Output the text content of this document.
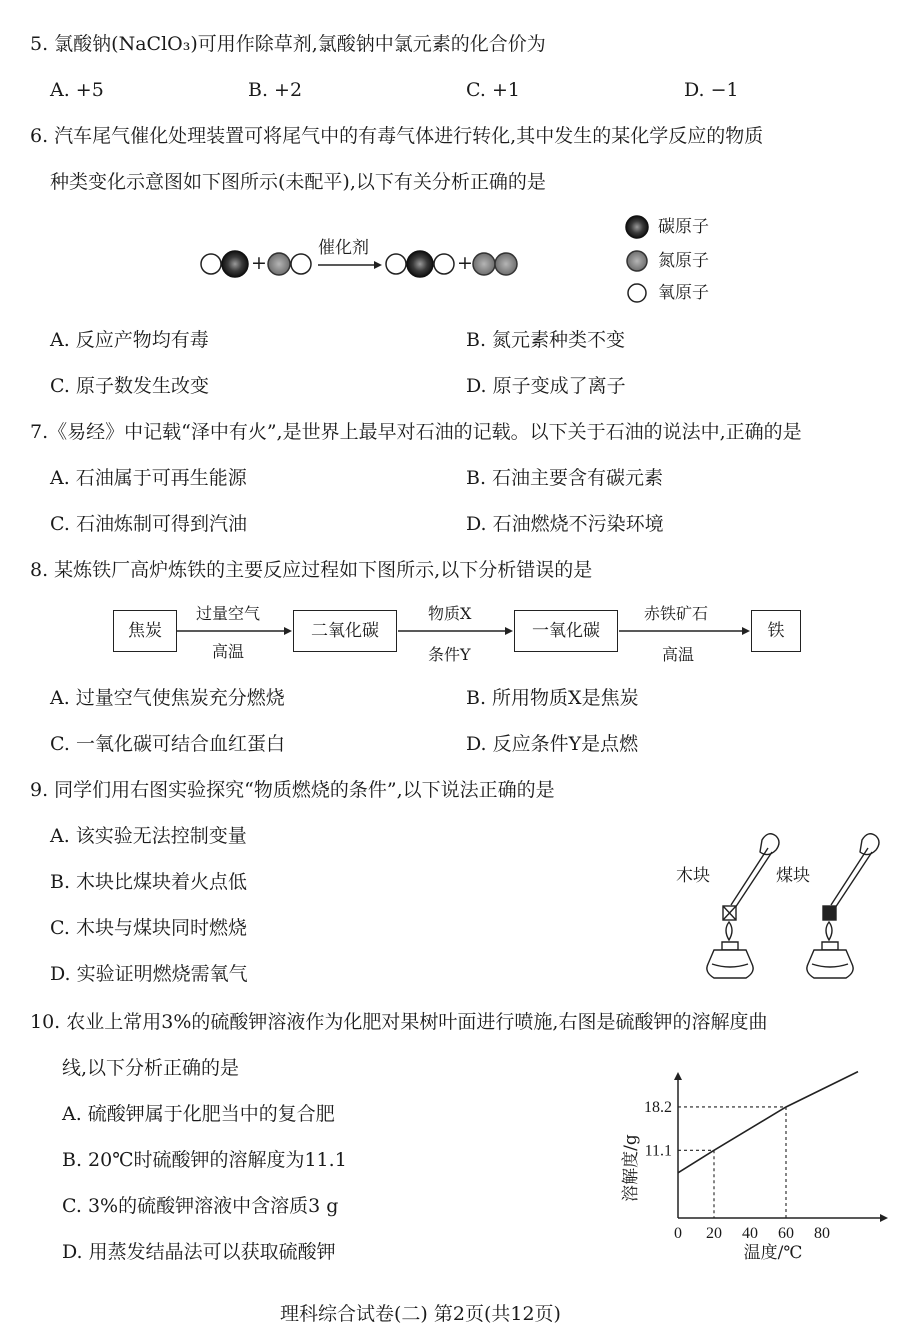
5. 氯酸钠(NaClO₃)可用作除草剂,氯酸钠中氯元素的化合价为
A. +5	B. +2	C. +1	D. −1
6. 汽车尾气催化处理装置可将尾气中的有毒气体进行转化,其中发生的某化学反应的物质
种类变化示意图如下图所示(未配平),以下有关分析正确的是
+	+
催化剂
碳原子
氮原子
氧原子
A. 反应产物均有毒	B. 氮元素种类不变
C. 原子数发生改变	D. 原子变成了离子
7.《易经》中记载“泽中有火”,是世界上最早对石油的记载。以下关于石油的说法中,正确的是
A. 石油属于可再生能源	B. 石油主要含有碳元素
C. 石油炼制可得到汽油	D. 石油燃烧不污染环境
8. 某炼铁厂高炉炼铁的主要反应过程如下图所示,以下分析错误的是
焦炭	二氧化碳	一氧化碳	铁
过量空气
高温
物质X
条件Y
赤铁矿石
高温
A. 过量空气使焦炭充分燃烧	B. 所用物质X是焦炭
C. 一氧化碳可结合血红蛋白	D. 反应条件Y是点燃
9. 同学们用右图实验探究“物质燃烧的条件”,以下说法正确的是
A. 该实验无法控制变量
B. 木块比煤块着火点低
C. 木块与煤块同时燃烧
D. 实验证明燃烧需氧气
木块	煤块
10. 农业上常用3%的硫酸钾溶液作为化肥对果树叶面进行喷施,右图是硫酸钾的溶解度曲
线,以下分析正确的是
A. 硫酸钾属于化肥当中的复合肥
B. 20℃时硫酸钾的溶解度为11.1
C. 3%的硫酸钾溶液中含溶质3 g
D. 用蒸发结晶法可以获取硫酸钾
0 20 40 60 80
11.1
18.2
温度/℃
溶解度/g
理科综合试卷(二) 第2页(共12页)
